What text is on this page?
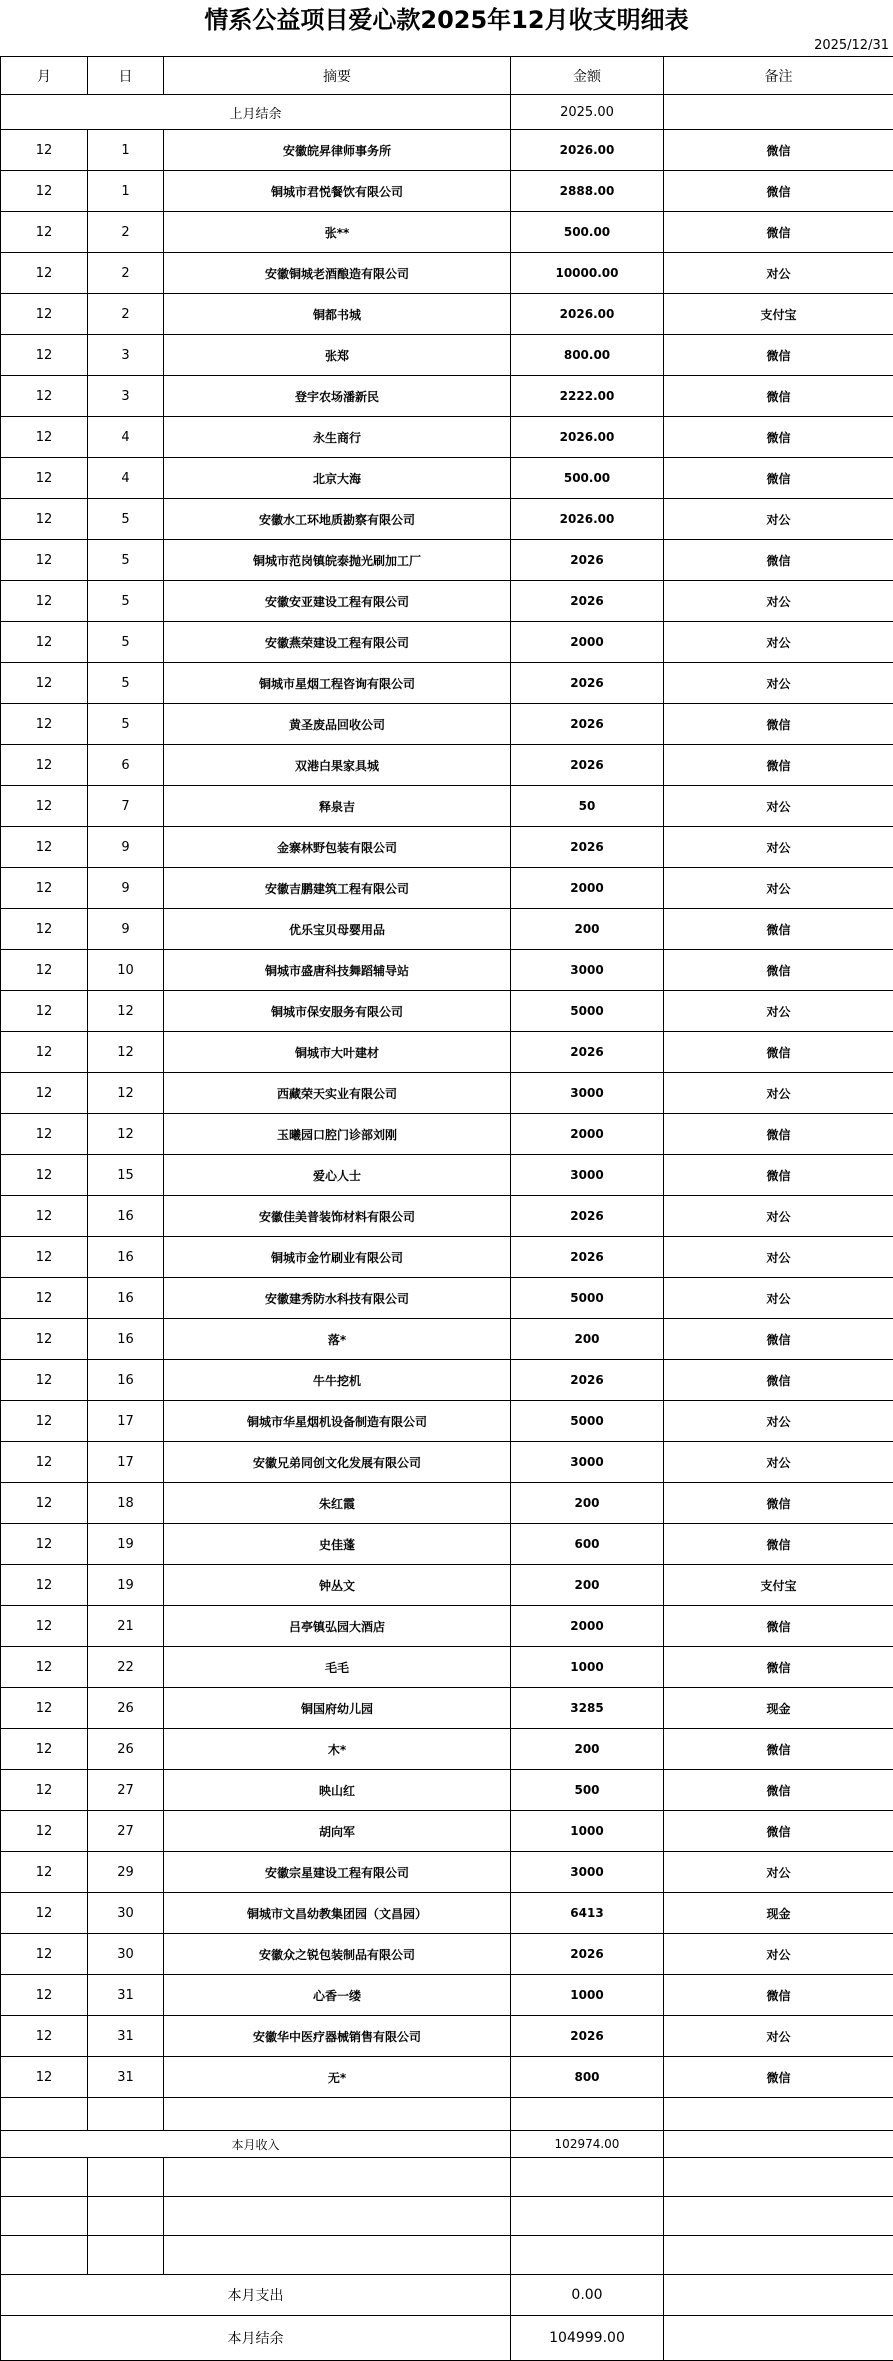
情系公益项目爱心款2025年12月收支明细表
2025/12/31
月	日	摘要	金额	备注
上月结余			2025.00	
12	1	安徽皖昇律师事务所	2026.00	微信
12	1	铜城市君悦餐饮有限公司	2888.00	微信
12	2	张**	500.00	微信
12	2	安徽铜城老酒酿造有限公司	10000.00	对公
12	2	铜都书城	2026.00	支付宝
12	3	张郑	800.00	微信
12	3	登宇农场潘新民	2222.00	微信
12	4	永生商行	2026.00	微信
12	4	北京大海	500.00	微信
12	5	安徽水工环地质勘察有限公司	2026.00	对公
12	5	铜城市范岗镇皖泰抛光刷加工厂	2026	微信
12	5	安徽安亚建设工程有限公司	2026	对公
12	5	安徽燕荣建设工程有限公司	2000	对公
12	5	铜城市星烟工程咨询有限公司	2026	对公
12	5	黄圣废品回收公司	2026	微信
12	6	双港白果家具城	2026	微信
12	7	释泉吉	50	对公
12	9	金寨林野包装有限公司	2026	对公
12	9	安徽吉鹏建筑工程有限公司	2000	对公
12	9	优乐宝贝母婴用品	200	微信
12	10	铜城市盛唐科技舞蹈辅导站	3000	微信
12	12	铜城市保安服务有限公司	5000	对公
12	12	铜城市大叶建材	2026	微信
12	12	西藏荣天实业有限公司	3000	对公
12	12	玉曦园口腔门诊部刘刚	2000	微信
12	15	爱心人士	3000	微信
12	16	安徽佳美普装饰材料有限公司	2026	对公
12	16	铜城市金竹刷业有限公司	2026	对公
12	16	安徽建秀防水科技有限公司	5000	对公
12	16	落*	200	微信
12	16	牛牛挖机	2026	微信
12	17	铜城市华星烟机设备制造有限公司	5000	对公
12	17	安徽兄弟同创文化发展有限公司	3000	对公
12	18	朱红霞	200	微信
12	19	史佳蓬	600	微信
12	19	钟丛文	200	支付宝
12	21	吕亭镇弘园大酒店	2000	微信
12	22	毛毛	1000	微信
12	26	铜国府幼儿园	3285	现金
12	26	木*	200	微信
12	27	映山红	500	微信
12	27	胡向军	1000	微信
12	29	安徽宗星建设工程有限公司	3000	对公
12	30	铜城市文昌幼教集团园（文昌园）	6413	现金
12	30	安徽众之锐包装制品有限公司	2026	对公
12	31	心香一缕	1000	微信
12	31	安徽华中医疗器械销售有限公司	2026	对公
12	31	无*	800	微信

本月收入			102974.00	

本月支出			0.00	
本月结余			104999.00	
